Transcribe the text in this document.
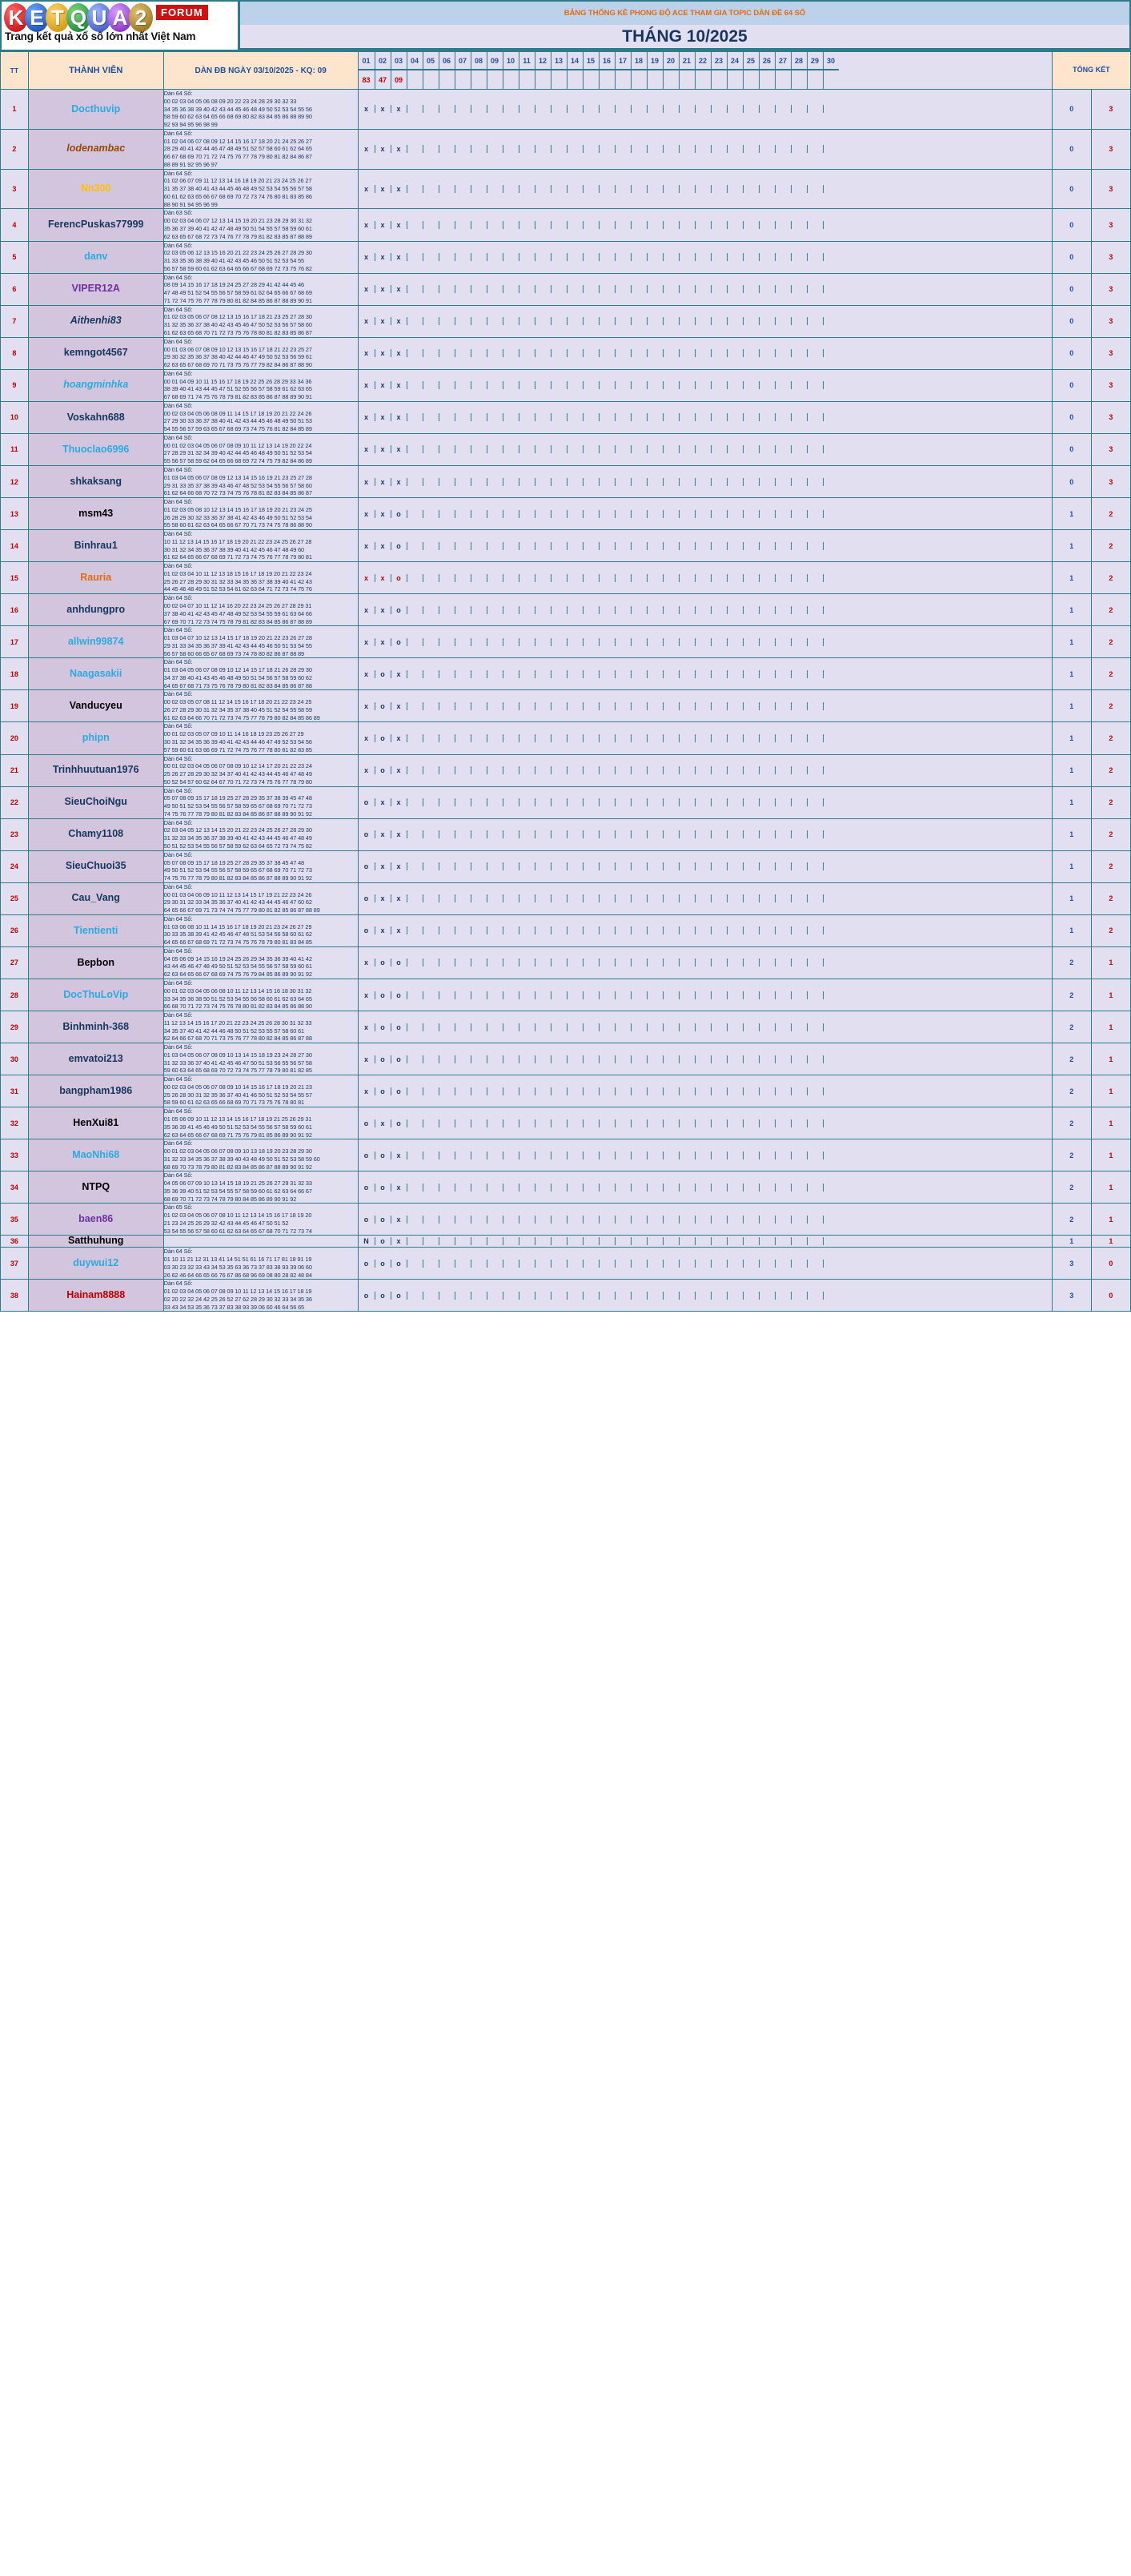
K E T Q U A 2	FORUM
Trang kết quả xổ số lớn nhất Việt Nam
BẢNG THỐNG KÊ PHONG ĐỘ ACE THAM GIA TOPIC DÀN ĐỀ 64 SỐ
THÁNG 10/2025
TT	THÀNH VIÊN	DÀN ĐB NGÀY 03/10/2025 - KQ: 09	
01	02	03	04	05	06	07	08	09	10	11	12	13	14	15	16	17	18	19	20	21	22	23	24	25	26	27	28	29	30
83	47	09
	TỔNG KẾT
1	Docthuvip	
Dàn 64 Số:
00 02 03 04 05 06 08 09 20 22 23 24 28 29 30 32 33
34 35 36 38 39 40 42 43 44 45 46 48 49 50 52 53 54 55 56
58 59 60 62 63 64 65 66 68 69 80 82 83 84 85 86 88 89 90
92 93 94 95 96 98 99

x	x	x	0	3
2	lodenambac	
Dàn 64 Số:
01 02 04 06 07 08 09 12 14 15 16 17 18 20 21 24 25 26 27
28 29 40 41 42 44 46 47 48 49 51 52 57 58 60 61 62 64 65
66 67 68 69 70 71 72 74 75 76 77 78 79 80 81 82 84 86 87
88 89 91 92 95 96 97

x	x	x	0	3
3	Nn300	
Dàn 64 Số:
01 02 06 07 09 11 12 13 14 16 18 19 20 21 23 24 25 26 27
31 35 37 38 40 41 43 44 45 46 48 49 52 53 54 55 56 57 58
60 61 62 63 65 66 67 68 69 70 72 73 74 76 80 81 83 85 86
88 90 91 94 95 96 99

x	x	x	0	3
4	FerencPuskas77999	
Dàn 63 Số:
00 02 03 04 06 07 12 13 14 15 19 20 21 23 28 29 30 31 32
35 36 37 39 40 41 42 47 48 49 50 51 54 55 57 58 59 60 61
62 63 65 67 68 72 73 74 76 77 78 79 81 82 83 85 87 88 89

x	x	x	0	3
5	danv	
Dàn 64 Số:
02 03 05 06 12 13 15 16 20 21 22 23 24 25 26 27 28 29 30
31 33 35 36 38 39 40 41 42 43 45 46 50 51 52 53 54 55
56 57 58 59 60 61 62 63 64 65 66 67 68 69 72 73 75 76 82

x	x	x	0	3
6	VIPER12A	
Dàn 64 Số:
08 09 14 15 16 17 18 19 24 25 27 28 29 41 42 44 45 46
47 48 49 51 52 54 55 56 57 58 59 61 62 64 65 66 67 68 69
71 72 74 75 76 77 78 79 80 81 82 84 85 86 87 88 89 90 91

x	x	x	0	3
7	Aithenhi83	
Dàn 64 Số:
01 02 03 05 06 07 08 12 13 15 16 17 18 21 23 25 27 28 30
31 32 35 36 37 38 40 42 43 45 46 47 50 52 53 56 57 58 60
61 62 63 65 68 70 71 72 73 75 76 78 80 81 82 83 85 86 87

x	x	x	0	3
8	kemngot4567	
Dàn 64 Số:
00 01 03 06 07 08 09 10 12 13 15 16 17 18 21 22 23 25 27
29 30 32 35 36 37 38 40 42 44 46 47 49 50 52 53 56 59 61
62 63 65 67 68 69 70 71 73 75 76 77 79 82 84 86 87 88 90

x	x	x	0	3
9	hoangminhka	
Dàn 64 Số:
00 01 04 09 10 11 15 16 17 18 19 22 25 26 28 29 33 34 36
38 39 40 41 43 44 45 47 51 52 55 56 57 58 59 61 62 63 65
67 68 69 71 74 75 76 78 79 81 82 83 85 86 87 88 89 90 91

x	x	x	0	3
10	Voskahn688	
Dàn 64 Số:
00 02 03 04 05 06 08 09 11 14 15 17 18 19 20 21 22 24 26
27 29 30 33 36 37 38 40 41 42 43 44 45 46 48 49 50 51 53
54 55 56 57 59 63 65 67 68 69 73 74 75 76 81 82 84 85 89

x	x	x	0	3
11	Thuoclao6996	
Dàn 64 Số:
00 01 02 03 04 05 06 07 08 09 10 11 12 13 14 19 20 22 24
27 28 29 31 32 34 39 40 42 44 45 46 48 49 50 51 52 53 54
55 56 57 58 59 62 64 65 66 68 69 72 74 75 79 82 84 86 89

x	x	x	0	3
12	shkaksang	
Dàn 64 Số:
01 03 04 05 06 07 08 09 12 13 14 15 16 19 21 23 25 27 28
29 31 33 35 37 38 39 43 46 47 48 52 53 54 55 56 57 58 60
61 62 64 66 68 70 72 73 74 75 76 78 81 82 83 84 85 86 87

x	x	x	0	3
13	msm43	
Dàn 64 Số:
01 02 03 05 08 10 12 13 14 15 16 17 18 19 20 21 23 24 25
26 28 29 30 32 33 36 37 38 41 42 43 46 49 50 51 52 53 54
55 58 60 61 62 63 64 65 66 67 70 71 73 74 75 78 86 88 90

x	x	o	1	2
14	Binhrau1	
Dàn 64 Số:
10 11 12 13 14 15 16 17 18 19 20 21 22 23 24 25 26 27 28
30 31 32 34 35 36 37 38 39 40 41 42 45 46 47 48 49 60
61 62 64 65 66 67 68 69 71 72 73 74 75 76 77 78 79 80 81

x	x	o	1	2
15	Rauria	
Dàn 64 Số:
01 02 03 04 10 11 12 13 18 15 16 17 18 19 20 21 22 23 24
25 26 27 28 29 30 31 32 33 34 35 36 37 38 39 40 41 42 43
44 45 46 48 49 51 52 53 54 61 62 63 64 71 72 73 74 75 76

x	x	o	1	2
16	anhdungpro	
Dàn 64 Số:
00 02 04 07 10 11 12 14 16 20 22 23 24 25 26 27 28 29 31
37 38 40 41 42 43 45 47 48 49 52 53 54 55 59 61 63 64 66
67 69 70 71 72 73 74 75 78 79 81 82 83 84 85 86 87 88 89

x	x	o	1	2
17	allwin99874	
Dàn 64 Số:
01 03 04 07 10 12 13 14 15 17 18 19 20 21 22 23 26 27 28
29 31 33 34 35 36 37 39 41 42 43 44 45 46 50 51 53 54 55
56 57 58 60 66 65 67 68 69 73 74 78 80 82 86 87 88 89

x	x	o	1	2
18	Naagasakii	
Dàn 64 Số:
01 03 04 05 06 07 08 09 10 12 14 15 17 18 21 26 28 29 30
34 37 38 40 41 43 45 46 48 49 50 51 54 56 57 58 59 60 62
64 65 67 68 71 73 75 76 78 79 80 81 82 83 84 85 86 87 88

x	o	x	1	2
19	Vanducyeu	
Dàn 64 Số:
00 02 03 05 07 08 11 12 14 15 16 17 18 20 21 22 23 24 25
26 27 28 29 30 31 32 34 35 37 38 40 45 51 52 54 55 58 59
61 62 63 64 66 70 71 72 73 74 75 77 78 79 80 82 84 85 86 89

x	o	x	1	2
20	phipn	
Dàn 64 Số:
00 01 02 03 05 07 09 10 11 14 16 18 19 23 25 26 27 29
30 31 32 34 35 36 39 40 41 42 43 44 46 47 49 52 53 54 56
57 59 60 61 63 66 69 71 72 74 75 76 77 78 80 81 82 83 85

x	o	x	1	2
21	Trinhhuutuan1976	
Dàn 64 Số:
00 01 02 03 04 05 06 07 08 09 10 12 14 17 20 21 22 23 24
25 26 27 28 29 30 32 34 37 40 41 42 43 44 45 46 47 48 49
50 52 54 57 60 62 64 67 70 71 72 73 74 75 76 77 78 79 80

x	o	x	1	2
22	SieuChoiNgu	
Dàn 64 Số:
05 07 08 09 15 17 18 19 25 27 28 29 35 37 38 39 45 47 48
49 50 51 52 53 54 55 56 57 58 59 65 67 68 69 70 71 72 73
74 75 76 77 78 79 80 81 82 83 84 85 86 87 88 89 90 91 92

o	x	x	1	2
23	Chamy1108	
Dàn 64 Số:
02 03 04 05 12 13 14 15 20 21 22 23 24 25 26 27 28 29 30
31 32 33 34 35 36 37 38 39 40 41 42 43 44 45 46 47 48 49
50 51 52 53 54 55 56 57 58 59 62 63 64 65 72 73 74 75 82

o	x	x	1	2
24	SieuChuoi35	
Dàn 64 Số:
05 07 08 09 15 17 18 19 25 27 28 29 35 37 38 45 47 48
49 50 51 52 53 54 55 56 57 58 59 65 67 68 69 70 71 72 73
74 75 76 77 78 79 80 81 82 83 84 85 86 87 88 89 90 91 92

o	x	x	1	2
25	Cau_Vang	
Dàn 64 Số:
00 01 03 04 06 09 10 11 12 13 14 15 17 19 21 22 23 24 26
29 30 31 32 33 34 35 36 37 40 41 42 43 44 45 46 47 60 62
64 65 66 67 69 71 73 74 74 75 77 79 80 81 82 85 86 87 88 89

o	x	x	1	2
26	Tientienti	
Dàn 64 Số:
01 03 06 08 10 11 14 15 16 17 18 19 20 21 23 24 26 27 29
30 33 35 38 39 41 42 45 46 47 48 51 53 54 56 58 60 61 62
64 65 66 67 68 69 71 72 73 74 75 76 78 79 80 81 83 84 85

o	x	x	1	2
27	Bepbon	
Dàn 64 Số:
04 05 06 09 14 15 16 19 24 25 26 29 34 35 36 39 40 41 42
43 44 45 46 47 48 49 50 51 52 53 54 55 56 57 58 59 60 61
62 63 64 65 66 67 68 69 74 75 76 79 84 85 86 89 90 91 92

x	o	o	2	1
28	DocThuLoVip	
Dàn 64 Số:
00 01 02 03 04 05 06 08 10 11 12 13 14 15 16 18 30 31 32
33 34 35 36 38 50 51 52 53 54 55 56 58 60 61 62 63 64 65
66 68 70 71 72 73 74 75 76 78 80 81 82 83 84 85 86 88 90

x	o	o	2	1
29	Binhminh-368	
Dàn 64 Số:
11 12 13 14 15 16 17 20 21 22 23 24 25 26 28 30 31 32 33
34 35 37 40 41 42 44 46 48 50 51 52 53 55 57 58 60 61
62 64 66 67 68 70 71 73 75 76 77 78 80 82 84 85 86 87 88

x	o	o	2	1
30	emvatoi213	
Dàn 64 Số:
01 03 04 05 06 07 08 09 10 13 14 15 18 19 23 24 28 27 30
31 32 33 36 37 40 41 42 45 46 47 50 51 53 56 55 56 57 58
59 60 63 64 65 68 69 70 72 73 74 75 77 78 79 80 81 82 85

x	o	o	2	1
31	bangpham1986	
Dàn 64 Số:
00 02 03 04 05 06 07 08 09 10 14 15 16 17 18 19 20 21 23
25 26 28 30 31 32 35 36 37 40 41 46 50 51 52 53 54 55 57
58 59 60 61 62 63 65 66 68 69 70 71 73 75 76 78 80 81

x	o	o	2	1
32	HenXui81	
Dàn 64 Số:
01 05 06 09 10 11 12 13 14 15 16 17 18 19 21 25 26 29 31
35 36 39 41 45 46 49 50 51 52 53 54 55 56 57 58 59 60 61
62 63 64 65 66 67 68 69 71 75 76 79 81 85 86 89 90 91 92

o	x	o	2	1
33	MaoNhi68	
Dàn 64 Số:
00 01 02 03 04 05 06 07 08 09 10 13 18 19 20 23 28 29 30
31 32 33 34 35 36 37 38 39 40 43 48 49 50 51 52 53 58 59 60
68 69 70 73 78 79 80 81 82 83 84 85 86 87 88 89 90 91 92

o	o	x	2	1
34	NTPQ	
Dàn 64 Số:
04 05 06 07 09 10 13 14 15 18 19 21 25 26 27 29 31 32 33
35 36 39 40 51 52 53 54 55 57 58 59 60 61 62 63 64 66 67
68 69 70 71 72 73 74 78 79 80 84 85 86 89 90 91 92

o	o	x	2	1
35	baen86	
Dàn 65 Số:
01 02 03 04 05 06 07 08 10 11 12 13 14 15 16 17 18 19 20
21 23 24 25 26 29 32 42 43 44 45 46 47 50 51 52
53 54 55 56 57 58 60 61 62 63 64 65 67 68 70 71 72 73 74

o	o	x	2	1
36	Satthuhung		N o x	1	1
37	duywui12	
Dàn 64 Số:
01 10 11 21 12 31 13 41 14 51 51 61 16 71 17 81 18 91 19
03 30 23 32 33 43 34 53 35 63 36 73 37 83 38 93 39 06 60
26 62 46 64 66 65 66 76 67 86 68 96 69 08 80 28 82 48 84

o	o	o	3	0
38	Hainam8888	
Dàn 64 Số:
01 02 03 04 05 06 07 08 09 10 11 12 13 14 15 16 17 18 19
02 20 22 32 24 42 25 26 52 27 62 28 29 30 32 33 34 35 36
33 43 34 53 35 36 73 37 83 38 93 39 06 60 46 64 56 65

o	o	o	3	0
